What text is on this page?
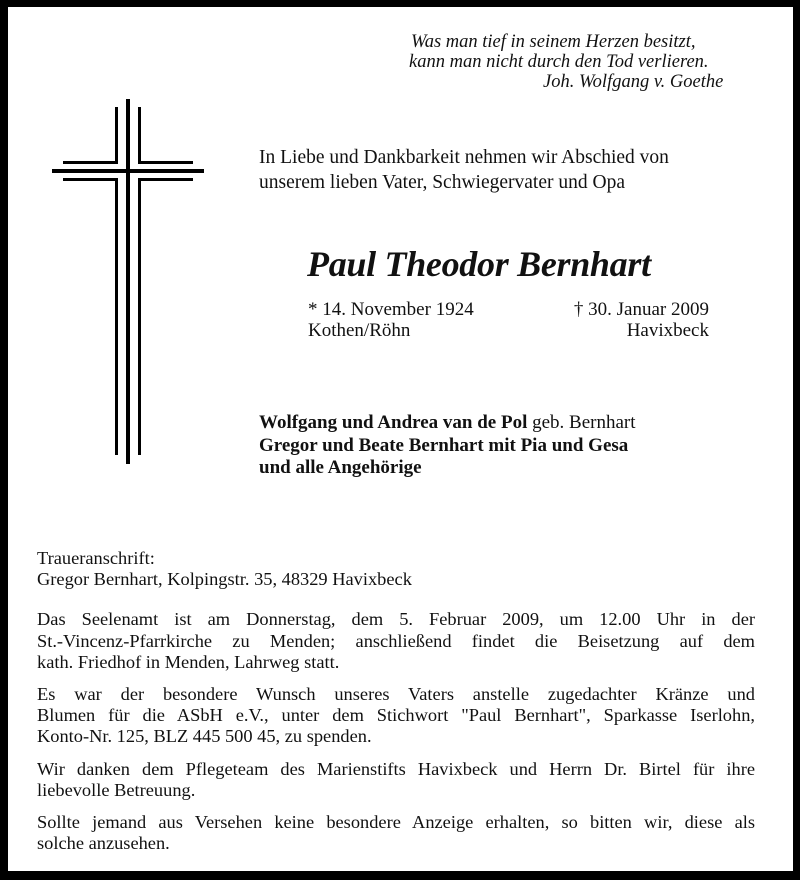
Was man tief in seinem Herzen besitzt,
kann man nicht durch den Tod verlieren.
Joh. Wolfgang v. Goethe
In Liebe und Dankbarkeit nehmen wir Abschied von
unserem lieben Vater, Schwiegervater und Opa
Paul Theodor Bernhart
* 14. November 1924
Kothen/Röhn
† 30. Januar 2009
Havixbeck
Wolfgang und Andrea van de Pol geb. Bernhart
Gregor und Beate Bernhart mit Pia und Gesa
und alle Angehörige
Traueranschrift:
Gregor Bernhart, Kolpingstr. 35, 48329 Havixbeck
Das Seelenamt ist am Donnerstag, dem 5. Februar 2009, um 12.00 Uhr in der
St.-Vincenz-Pfarrkirche zu Menden; anschließend findet die Beisetzung auf dem
kath. Friedhof in Menden, Lahrweg statt.
Es war der besondere Wunsch unseres Vaters anstelle zugedachter Kränze und
Blumen für die ASbH e.V., unter dem Stichwort "Paul Bernhart", Sparkasse Iserlohn,
Konto-Nr. 125, BLZ 445 500 45, zu spenden.
Wir danken dem Pflegeteam des Marienstifts Havixbeck und Herrn Dr. Birtel für ihre
liebevolle Betreuung.
Sollte jemand aus Versehen keine besondere Anzeige erhalten, so bitten wir, diese als
solche anzusehen.
